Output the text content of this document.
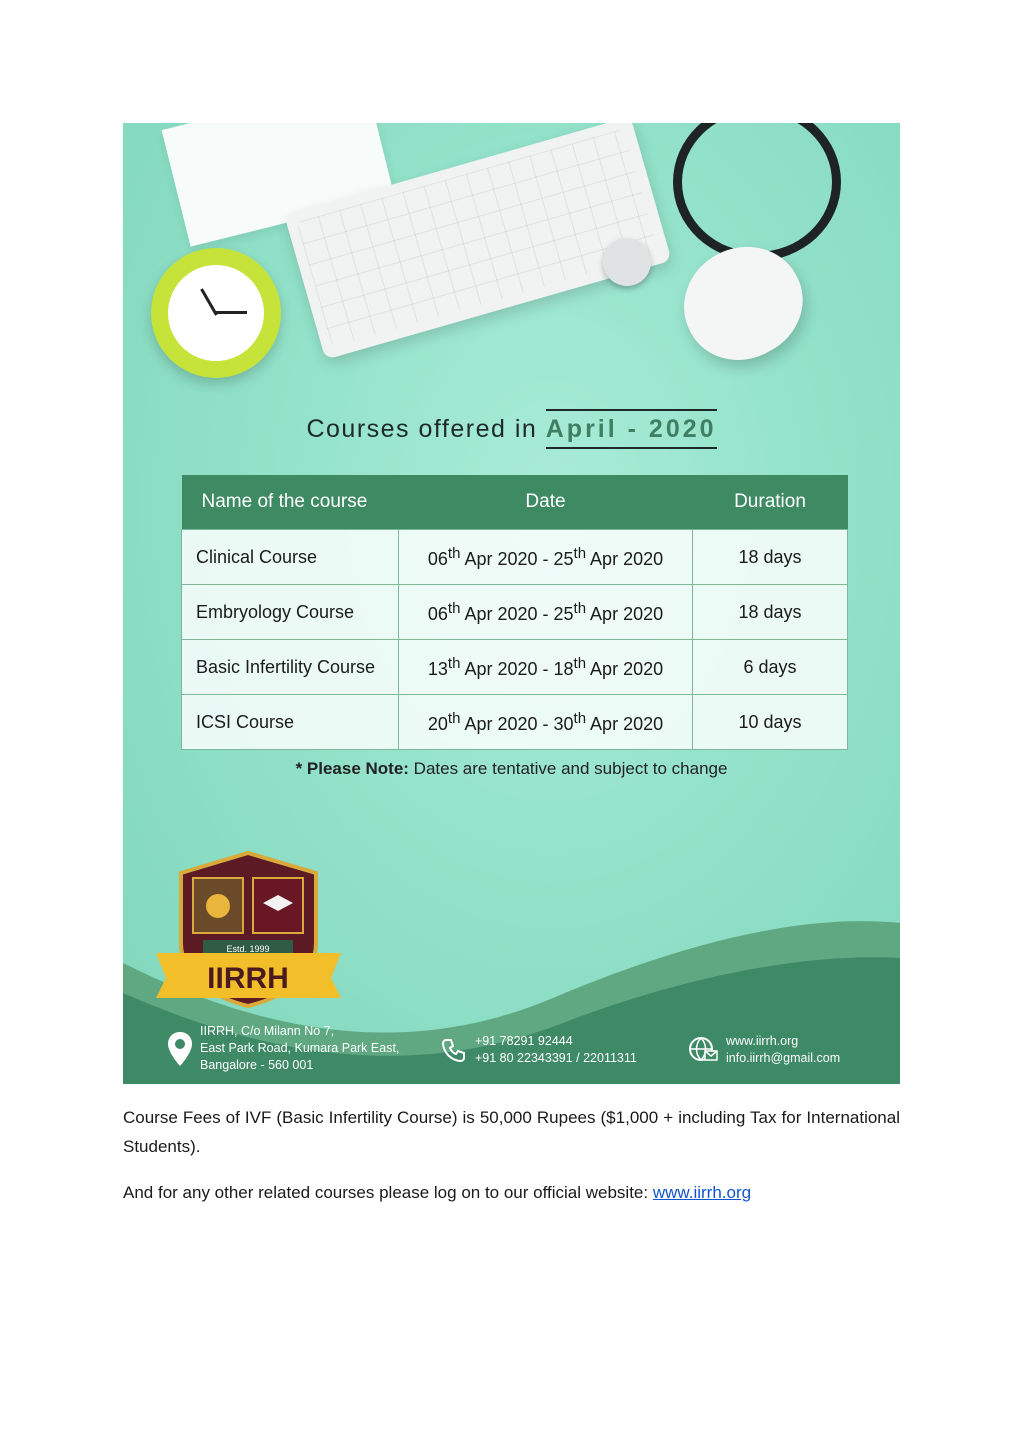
Courses offered in April - 2020
Name of the course	Date	Duration
Clinical Course	06th Apr 2020 - 25th Apr 2020	18 days
Embryology Course	06th Apr 2020 - 25th Apr 2020	18 days
Basic Infertility Course	13th Apr 2020 - 18th Apr 2020	6 days
ICSI Course	20th Apr 2020 - 30th Apr 2020	10 days
* Please Note: Dates are tentative and subject to change
Estd. 1999
IIRRH
IIRRH, C/o Milann No 7,
East Park Road, Kumara Park East,
Bangalore - 560 001
+91 78291 92444
+91 80 22343391 / 22011311
www.iirrh.org
info.iirrh@gmail.com

Course Fees of IVF (Basic Infertility Course) is 50,000 Rupees ($1,000 + including Tax for International Students).

And for any other related courses please log on to our official website: www.iirrh.org
